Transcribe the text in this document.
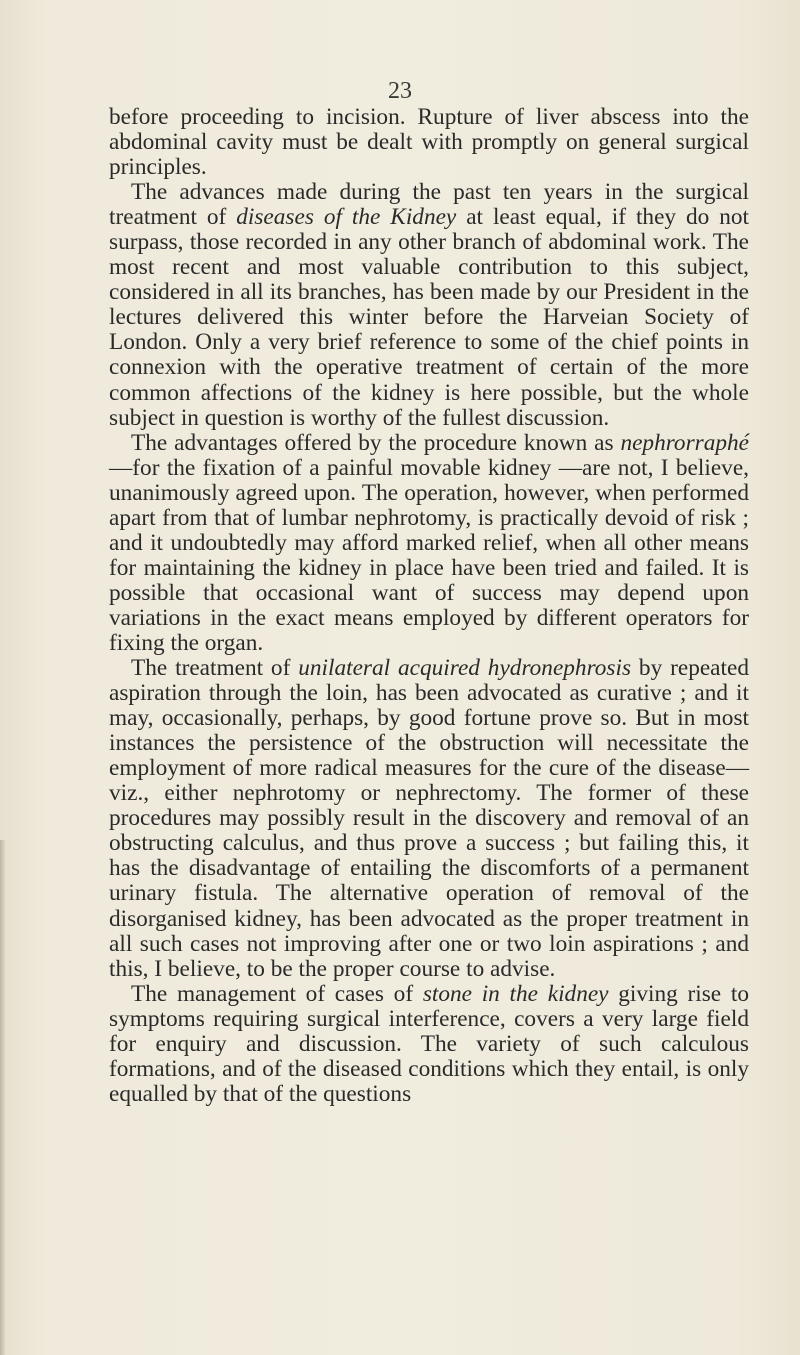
23

before proceeding to incision. Rupture of liver abscess into the abdominal cavity must be dealt with promptly on general surgical principles.

The advances made during the past ten years in the surgical treatment of diseases of the Kidney at least equal, if they do not surpass, those recorded in any other branch of abdominal work. The most recent and most valuable contribution to this subject, considered in all its branches, has been made by our President in the lectures delivered this winter before the Harveian Society of London. Only a very brief reference to some of the chief points in connexion with the operative treatment of certain of the more common affections of the kidney is here possible, but the whole subject in question is worthy of the fullest discussion.

The advantages offered by the procedure known as nephrorraphé—for the fixation of a painful movable kidney —are not, I believe, unanimously agreed upon. The operation, however, when performed apart from that of lumbar nephrotomy, is practically devoid of risk ; and it undoubtedly may afford marked relief, when all other means for maintaining the kidney in place have been tried and failed. It is possible that occasional want of success may depend upon variations in the exact means employed by different operators for fixing the organ.

The treatment of unilateral acquired hydronephrosis by repeated aspiration through the loin, has been advocated as curative ; and it may, occasionally, perhaps, by good fortune prove so. But in most instances the persistence of the obstruction will necessitate the employment of more radical measures for the cure of the disease—viz., either nephrotomy or nephrectomy. The former of these procedures may possibly result in the discovery and removal of an obstructing calculus, and thus prove a success ; but failing this, it has the disadvantage of entailing the discomforts of a permanent urinary fistula. The alternative operation of removal of the disorganised kidney, has been advocated as the proper treatment in all such cases not improving after one or two loin aspirations ; and this, I believe, to be the proper course to advise.

The management of cases of stone in the kidney giving rise to symptoms requiring surgical interference, covers a very large field for enquiry and discussion. The variety of such calculous formations, and of the diseased conditions which they entail, is only equalled by that of the questions
